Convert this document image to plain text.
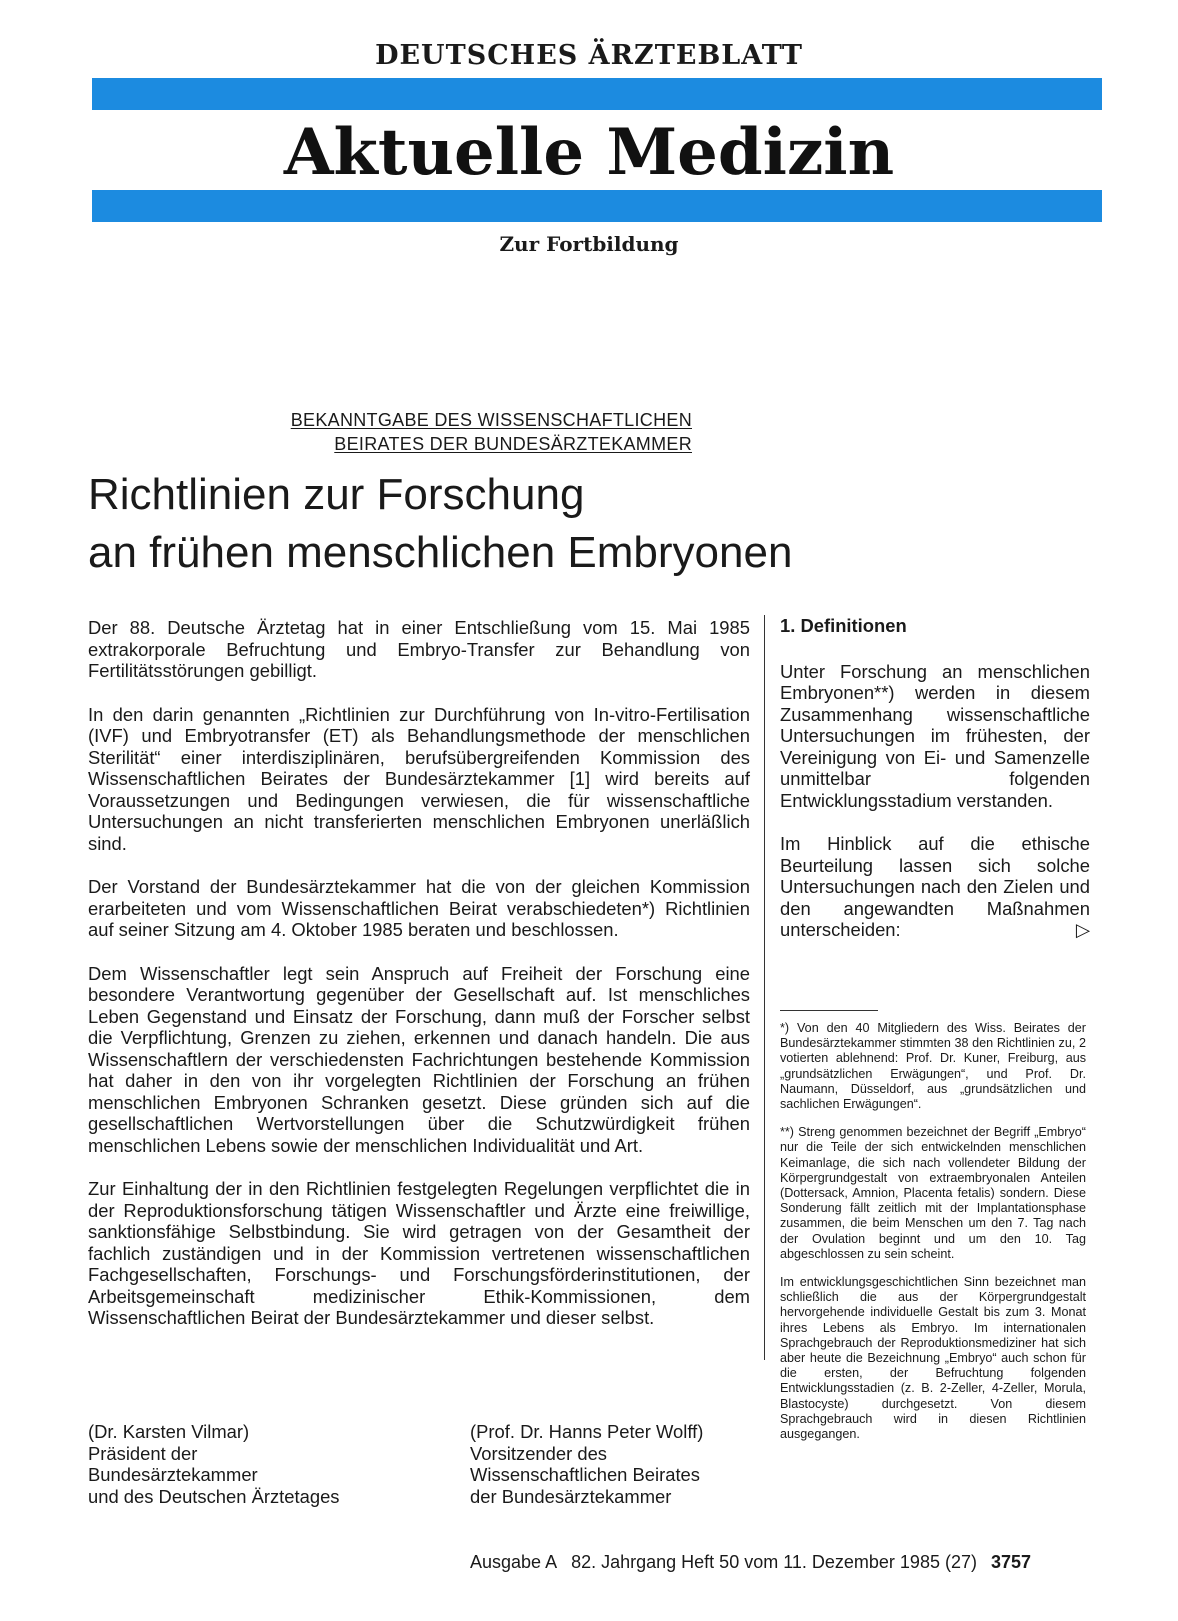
DEUTSCHES ÄRZTEBLATT
Aktuelle Medizin
Zur Fortbildung
BEKANNTGABE DES WISSENSCHAFTLICHEN
BEIRATES DER BUNDESÄRZTEKAMMER
Richtlinien zur Forschung
an frühen menschlichen Embryonen

Der 88. Deutsche Ärztetag hat in einer Entschließung vom 15. Mai 1985 extrakorporale Befruchtung und Embryo-Transfer zur Behandlung von Fertilitätsstörungen gebilligt.

In den darin genannten „Richtlinien zur Durchführung von In-vitro-Fertilisation (IVF) und Embryotransfer (ET) als Behandlungsmethode der menschlichen Sterilität“ einer interdisziplinären, berufsübergreifenden Kommission des Wissenschaftlichen Beirates der Bundesärztekammer [1] wird bereits auf Voraussetzungen und Bedingungen verwiesen, die für wissenschaftliche Untersuchungen an nicht transferierten menschlichen Embryonen unerläßlich sind.

Der Vorstand der Bundesärztekammer hat die von der gleichen Kommission erarbeiteten und vom Wissenschaftlichen Beirat verabschiedeten*) Richtlinien auf seiner Sitzung am 4. Oktober 1985 beraten und beschlossen.

Dem Wissenschaftler legt sein Anspruch auf Freiheit der Forschung eine besondere Verantwortung gegenüber der Gesellschaft auf. Ist menschliches Leben Gegenstand und Einsatz der Forschung, dann muß der Forscher selbst die Verpflichtung, Grenzen zu ziehen, erkennen und danach handeln. Die aus Wissenschaftlern der verschiedensten Fachrichtungen bestehende Kommission hat daher in den von ihr vorgelegten Richtlinien der Forschung an frühen menschlichen Embryonen Schranken gesetzt. Diese gründen sich auf die gesellschaftlichen Wertvorstellungen über die Schutzwürdigkeit frühen menschlichen Lebens sowie der menschlichen Individualität und Art.

Zur Einhaltung der in den Richtlinien festgelegten Regelungen verpflichtet die in der Reproduktionsforschung tätigen Wissenschaftler und Ärzte eine freiwillige, sanktionsfähige Selbstbindung. Sie wird getragen von der Gesamtheit der fachlich zuständigen und in der Kommission vertretenen wissenschaftlichen Fachgesellschaften, Forschungs- und Forschungsförderinstitutionen, der Arbeitsgemeinschaft medizinischer Ethik-Kommissionen, dem Wissenschaftlichen Beirat der Bundesärztekammer und dieser selbst.

(Dr. Karsten Vilmar)
Präsident der
Bundesärztekammer
und des Deutschen Ärztetages
(Prof. Dr. Hanns Peter Wolff)
Vorsitzender des
Wissenschaftlichen Beirates
der Bundesärztekammer
1. Definitionen

Unter Forschung an menschlichen Embryonen**) werden in diesem Zusammenhang wissenschaftliche Untersuchungen im frühesten, der Vereinigung von Ei- und Samenzelle unmittelbar folgenden Entwicklungsstadium verstanden.

Im Hinblick auf die ethische Beurteilung lassen sich solche Untersuchungen nach den Zielen und den angewandten Maßnahmen unterscheiden:	▷

*) Von den 40 Mitgliedern des Wiss. Beirates der Bundesärztekammer stimmten 38 den Richtlinien zu, 2 votierten ablehnend: Prof. Dr. Kuner, Freiburg, aus „grundsätzlichen Erwägungen“, und Prof. Dr. Naumann, Düsseldorf, aus „grundsätzlichen und sachlichen Erwägungen“.

**) Streng genommen bezeichnet der Begriff „Embryo“ nur die Teile der sich entwickelnden menschlichen Keimanlage, die sich nach vollendeter Bildung der Körpergrundgestalt von extraembryonalen Anteilen (Dottersack, Amnion, Placenta fetalis) sondern. Diese Sonderung fällt zeitlich mit der Implantationsphase zusammen, die beim Menschen um den 7. Tag nach der Ovulation beginnt und um den 10. Tag abgeschlossen zu sein scheint.

Im entwicklungsgeschichtlichen Sinn bezeichnet man schließlich die aus der Körpergrundgestalt hervorgehende individuelle Gestalt bis zum 3. Monat ihres Lebens als Embryo. Im internationalen Sprachgebrauch der Reproduktionsmediziner hat sich aber heute die Bezeichnung „Embryo“ auch schon für die ersten, der Befruchtung folgenden Entwicklungsstadien (z. B. 2-Zeller, 4-Zeller, Morula, Blastocyste) durchgesetzt. Von diesem Sprachgebrauch wird in diesen Richtlinien ausgegangen.

Ausgabe A   82. Jahrgang Heft 50 vom 11. Dezember 1985 (27) 3757
